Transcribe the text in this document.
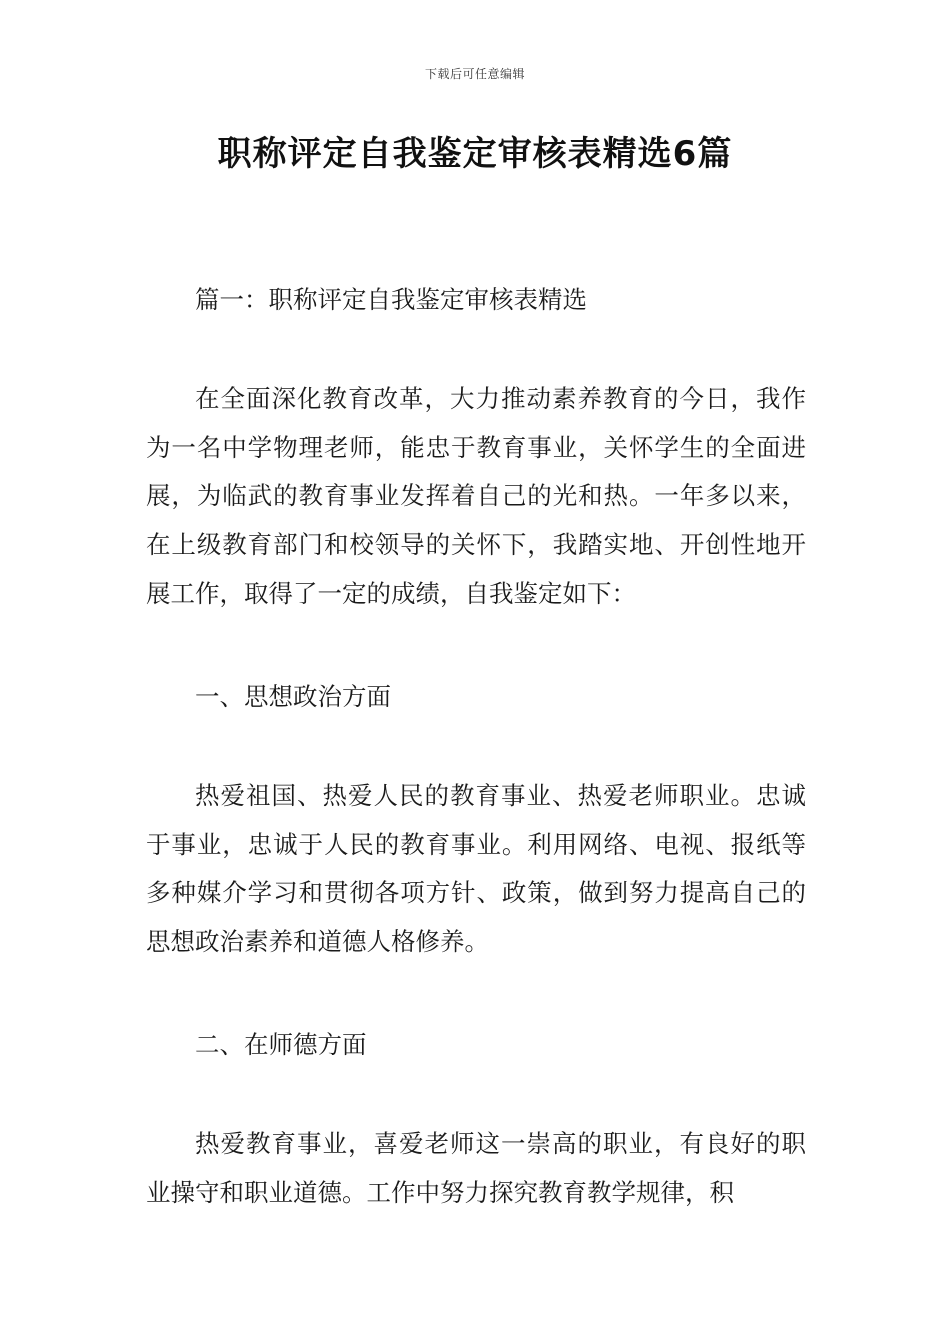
下载后可任意编辑
职称评定自我鉴定审核表精选6篇

篇一：职称评定自我鉴定审核表精选

在全面深化教育改革，大力推动素养教育的今日，我作为一名中学物理老师，能忠于教育事业，关怀学生的全面进展，为临武的教育事业发挥着自己的光和热。一年多以来，在上级教育部门和校领导的关怀下，我踏实地、开创性地开展工作，取得了一定的成绩，自我鉴定如下：

一、思想政治方面

热爱祖国、热爱人民的教育事业、热爱老师职业。忠诚于事业，忠诚于人民的教育事业。利用网络、电视、报纸等多种媒介学习和贯彻各项方针、政策，做到努力提高自己的思想政治素养和道德人格修养。

二、在师德方面

热爱教育事业，喜爱老师这一崇高的职业，有良好的职业操守和职业道德。工作中努力探究教育教学规律，积
